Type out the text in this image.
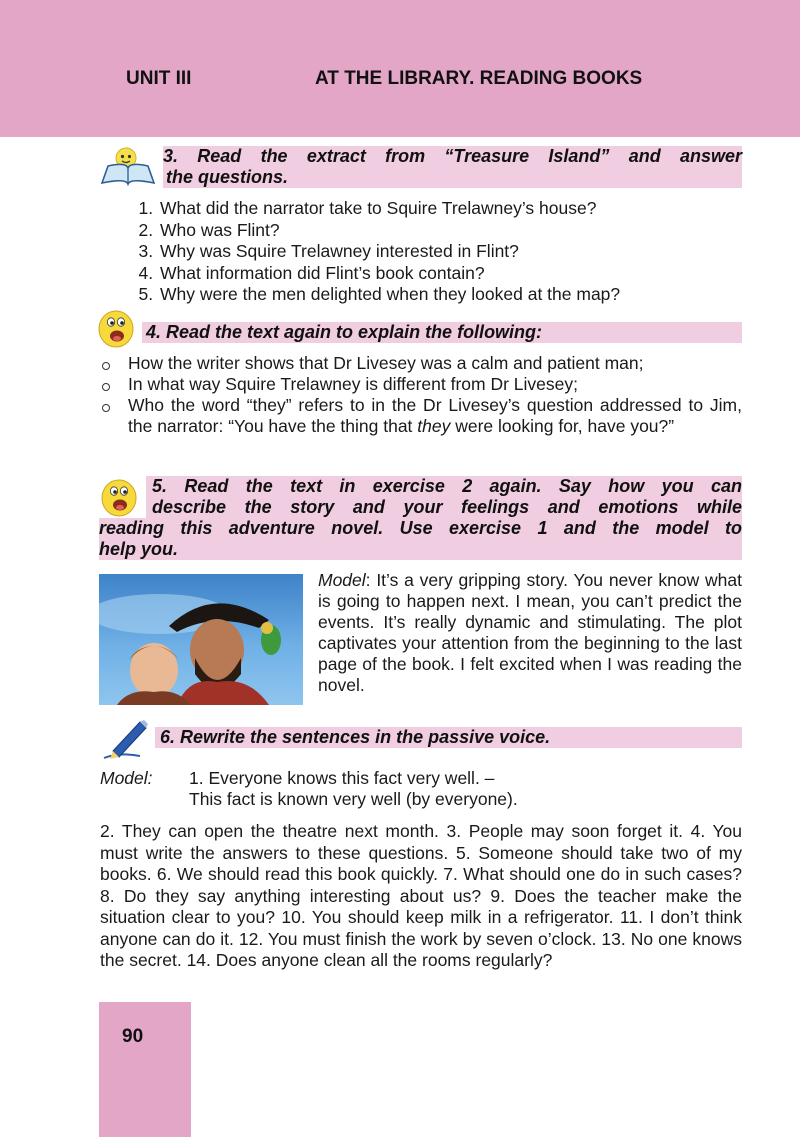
UNIT III	AT THE LIBRARY. READING BOOKS
3. Read the extract from “Treasure Island” and answer
the questions.
1. What did the narrator take to Squire Trelawney’s house?
2. Who was Flint?
3. Why was Squire Trelawney interested in Flint?
4. What information did Flint’s book contain?
5. Why were the men delighted when they looked at the map?
4. Read the text again to explain the following:
How the writer shows that Dr Livesey was a calm and patient man;
In what way Squire Trelawney is different from Dr Livesey;
Who the word “they” refers to in the Dr Livesey’s question addressed to Jim, the narrator: “You have the thing that they were looking for, have you?”
5. Read the text in exercise 2 again. Say how you can
describe the story and your feelings and emotions while
reading this adventure novel. Use exercise 1 and the model to
help you.
Model: It’s a very gripping story. You never know what is going to happen next. I mean, you can’t predict the events. It’s really dynamic and stimulating. The plot captivates your attention from the beginning to the last page of the book. I felt excited when I was reading the novel.
6. Rewrite the sentences in the passive voice.
Model: 1. Everyone knows this fact very well. –
This fact is known very well (by everyone).
2. They can open the theatre next month. 3. People may soon forget it. 4. You must write the answers to these questions. 5. Someone should take two of my books. 6. We should read this book quickly. 7. What should one do in such cases? 8. Do they say anything interesting about us? 9. Does the teacher make the situation clear to you? 10. You should keep milk in a refrigerator. 11. I don’t think anyone can do it. 12. You must finish the work by seven o’clock. 13. No one knows the secret. 14. Does anyone clean all the rooms regularly?
90
